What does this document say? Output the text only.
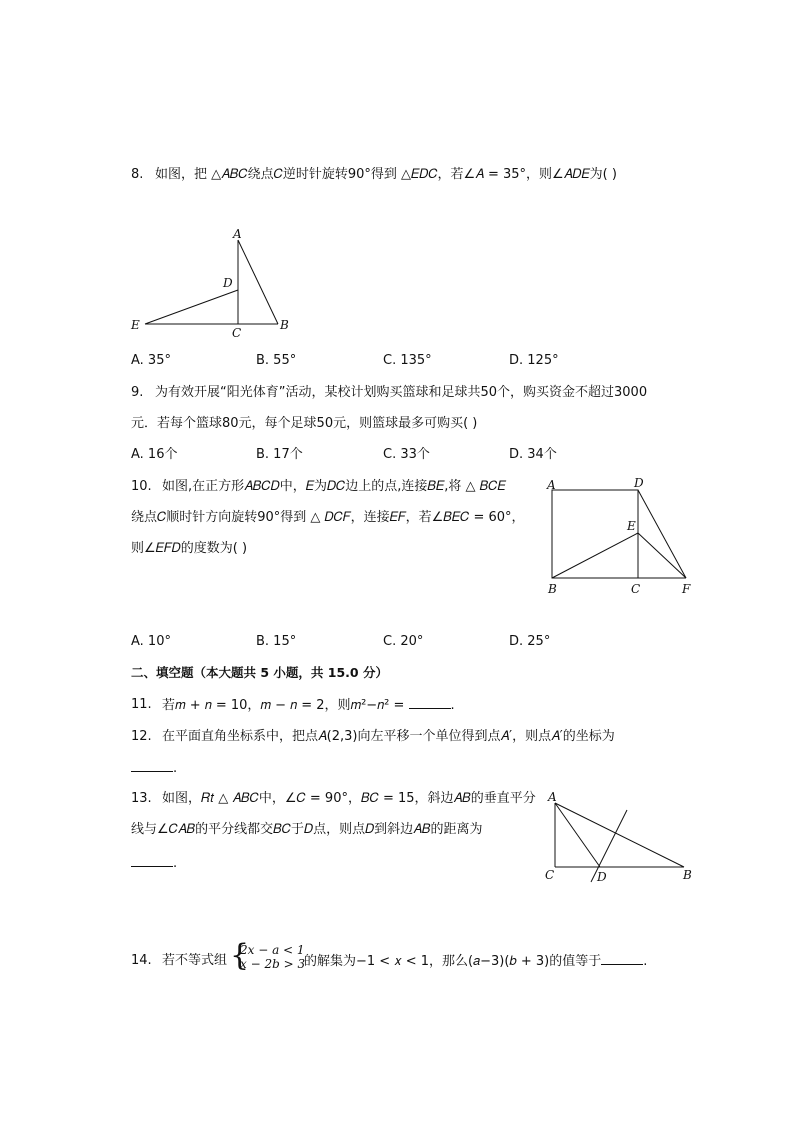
8. 如图，把 △𝐴𝐵𝐶绕点𝐶逆时针旋转90°得到 △𝐸𝐷𝐶，若∠𝐴 = 35°，则∠𝐴𝐷𝐸为( )
A
D
E
C
B
A. 35°	B. 55°	C. 135°	D. 125°
9. 为有效开展“阳光体育”活动，某校计划购买篮球和足球共50个，购买资金不超过3000
元．若每个篮球80元，每个足球50元，则篮球最多可购买( )
A. 16个	B. 17个	C. 33个	D. 34个
10. 如图,在正方形𝐴𝐵𝐶𝐷中，𝐸为𝐷𝐶边上的点,连接𝐵𝐸,将 △ 𝐵𝐶𝐸
绕点𝐶顺时针方向旋转90°得到 △ 𝐷𝐶𝐹，连接𝐸𝐹，若∠𝐵𝐸𝐶 = 60°，
则∠𝐸𝐹𝐷的度数为( )
A	D
E
B	C	F
A. 10°	B. 15°	C. 20°	D. 25°
二、填空题（本大题共 5 小题，共 15.0 分）
11. 若𝑚 + 𝑛 = 10，𝑚 − 𝑛 = 2，则𝑚²−𝑛² =	.
12. 在平面直角坐标系中，把点𝐴(2,3)向左平移一个单位得到点𝐴′，则点𝐴′的坐标为
.
13. 如图，𝑅𝑡 △ 𝐴𝐵𝐶中，∠𝐶 = 90°，𝐵𝐶 = 15，斜边𝐴𝐵的垂直平分
线与∠𝐶𝐴𝐵的平分线都交𝐵𝐶于𝐷点，则点𝐷到斜边𝐴𝐵的距离为
.
A
C	D	B
14. 若不等式组 {
2𝑥 − 𝑎 < 1
𝑥 − 2𝑏 > 3
的解集为−1 < 𝑥 < 1，那么(𝑎−3)(𝑏 + 3)的值等于	.
